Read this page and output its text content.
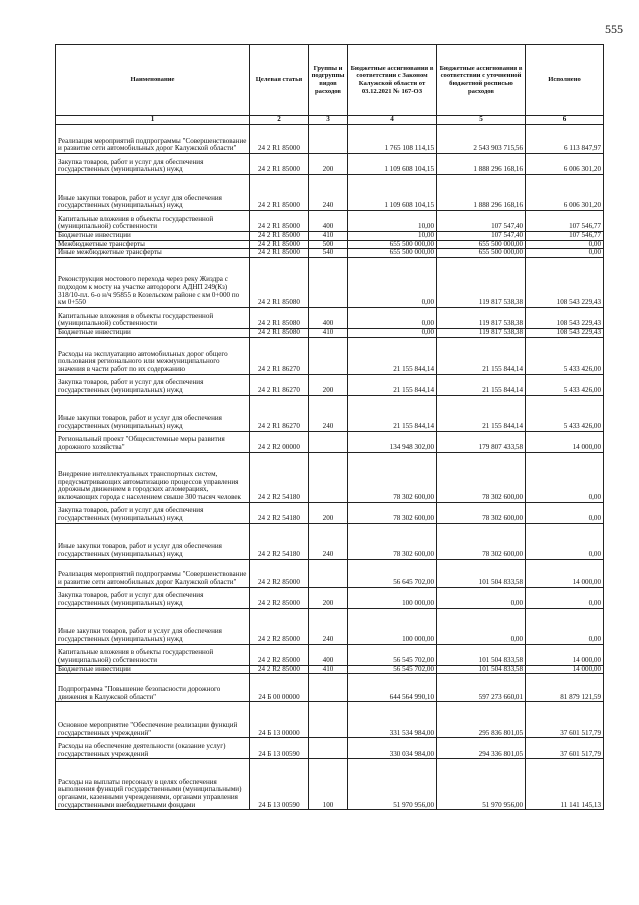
555
Наименование	Целевая статья	Группы и подгруппы видов расходов	Бюджетные ассигнования в соответствии с Законом Калужской области от 03.12.2021 № 167-ОЗ	Бюджетные ассигнования в соответствии с уточненной бюджетной росписью расходов	Исполнено
1	2	3	4	5	6
Реализация мероприятий подпрограммы "Совершенствование и развитие сети автомобильных дорог Калужской области"	24 2 R1 85000		1 765 108 114,15	2 543 903 715,56	6 113 847,97
Закупка товаров, работ и услуг для обеспечения государственных (муниципальных) нужд	24 2 R1 85000	200	1 109 608 104,15	1 888 296 168,16	6 006 301,20
Иные закупки товаров, работ и услуг для обеспечения государственных (муниципальных) нужд	24 2 R1 85000	240	1 109 608 104,15	1 888 296 168,16	6 006 301,20
Капитальные вложения в объекты государственной (муниципальной) собственности	24 2 R1 85000	400	10,00	107 547,40	107 546,77
Бюджетные инвестиции	24 2 R1 85000	410	10,00	107 547,40	107 546,77
Межбюджетные трансферты	24 2 R1 85000	500	655 500 000,00	655 500 000,00	0,00
Иные межбюджетные трансферты	24 2 R1 85000	540	655 500 000,00	655 500 000,00	0,00
Реконструкция мостового перехода через реку Жиздра с подходом к мосту на участке автодороги АДНП 249(Кз) 318/10-пл. 6-о н/ч 95855 в Козельском районе с км 0+000 по км 0+550	24 2 R1 85080		0,00	119 817 538,38	108 543 229,43
Капитальные вложения в объекты государственной (муниципальной) собственности	24 2 R1 85080	400	0,00	119 817 538,38	108 543 229,43
Бюджетные инвестиции	24 2 R1 85080	410	0,00	119 817 538,38	108 543 229,43
Расходы на эксплуатацию автомобильных дорог общего пользования регионального или межмуниципального значения в части работ по их содержанию	24 2 R1 86270		21 155 844,14	21 155 844,14	5 433 426,00
Закупка товаров, работ и услуг для обеспечения государственных (муниципальных) нужд	24 2 R1 86270	200	21 155 844,14	21 155 844,14	5 433 426,00
Иные закупки товаров, работ и услуг для обеспечения государственных (муниципальных) нужд	24 2 R1 86270	240	21 155 844,14	21 155 844,14	5 433 426,00
Региональный проект "Общесистемные меры развития дорожного хозяйства"	24 2 R2 00000		134 948 302,00	179 807 433,58	14 000,00
Внедрение интеллектуальных транспортных систем, предусматривающих автоматизацию процессов управления дорожным движением в городских агломерациях, включающих города с населением свыше 300 тысяч человек	24 2 R2 54180		78 302 600,00	78 302 600,00	0,00
Закупка товаров, работ и услуг для обеспечения государственных (муниципальных) нужд	24 2 R2 54180	200	78 302 600,00	78 302 600,00	0,00
Иные закупки товаров, работ и услуг для обеспечения государственных (муниципальных) нужд	24 2 R2 54180	240	78 302 600,00	78 302 600,00	0,00
Реализация мероприятий подпрограммы "Совершенствование и развитие сети автомобильных дорог Калужской области"	24 2 R2 85000		56 645 702,00	101 504 833,58	14 000,00
Закупка товаров, работ и услуг для обеспечения государственных (муниципальных) нужд	24 2 R2 85000	200	100 000,00	0,00	0,00
Иные закупки товаров, работ и услуг для обеспечения государственных (муниципальных) нужд	24 2 R2 85000	240	100 000,00	0,00	0,00
Капитальные вложения в объекты государственной (муниципальной) собственности	24 2 R2 85000	400	56 545 702,00	101 504 833,58	14 000,00
Бюджетные инвестиции	24 2 R2 85000	410	56 545 702,00	101 504 833,58	14 000,00
Подпрограмма "Повышение безопасности дорожного движения в Калужской области"	24 Б 00 00000		644 564 990,10	597 273 660,01	81 879 121,59
Основное мероприятие "Обеспечение реализации функций государственных учреждений"	24 Б 13 00000		331 534 984,00	295 836 801,05	37 601 517,79
Расходы на обеспечение деятельности (оказание услуг) государственных учреждений	24 Б 13 00590		330 034 984,00	294 336 801,05	37 601 517,79
Расходы на выплаты персоналу в целях обеспечения выполнения функций государственными (муниципальными) органами, казенными учреждениями, органами управления государственными внебюджетными фондами	24 Б 13 00590	100	51 970 956,00	51 970 956,00	11 141 145,13
